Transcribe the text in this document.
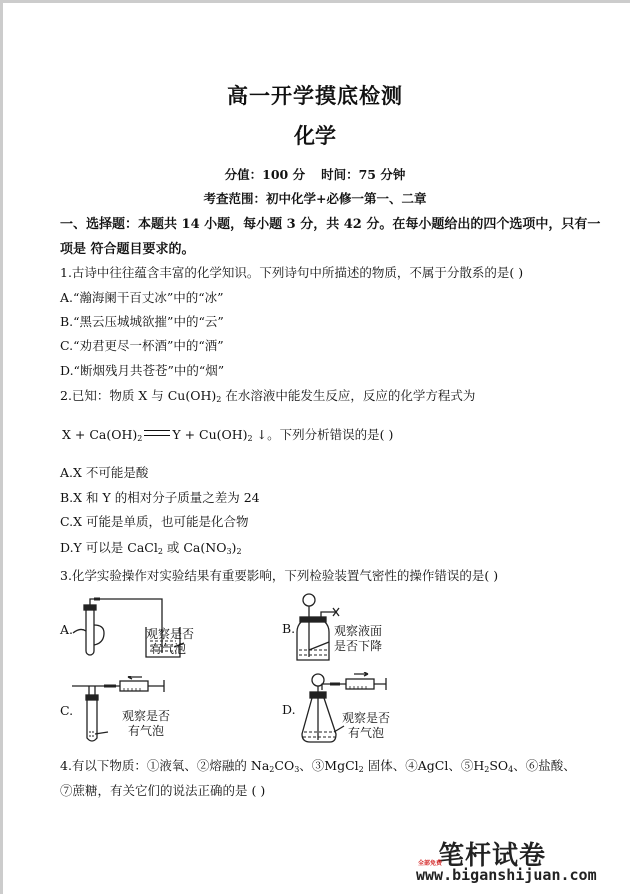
高一开学摸底检测
化学
分值：100 分 时间：75 分钟
考查范围：初中化学+必修一第一、二章
一、选择题：本题共 14 小题，每小题 3 分，共 42 分。在每小题给出的四个选项中，只有一
项是 符合题目要求的。
1.古诗中往往蕴含丰富的化学知识。下列诗句中所描述的物质，不属于分散系的是( )
A.“瀚海阑干百丈冰”中的“冰”
B.“黑云压城城欲摧”中的“云”
C.“劝君更尽一杯酒”中的“酒”
D.“断烟残月共苍苍”中的“烟”
2.已知：物质 X 与 $Cu(OH)_2$ 在水溶液中能发生反应，反应的化学方程式为
$X + Ca(OH)_2$ $Y + Cu(OH)_2$ ↓。下列分析错误的是( )
A.X 不可能是酸
B.X 和 Y 的相对分子质量之差为 24
C.X 可能是单质，也可能是化合物
D.Y 可以是 CaCl$_2$ 或 $Ca(NO_3)_2$
3.化学实验操作对实验结果有重要影响，下列检验装置气密性的操作错误的是( )
A.	观察是否
有气泡
B.	观察液面
是否下降
C.	观察是否
有气泡
D.
观察是否
有气泡
4.有以下物质：①液氧、②熔融的 $Na_2CO_3$、③MgCl$_2$ 固体、④AgCl、$⑤H_2SO_4$、⑥盐酸、
⑦蔗糖，有关它们的说法正确的是 ( )
笔杆试卷
全部免费
www.biganshijuan.com
